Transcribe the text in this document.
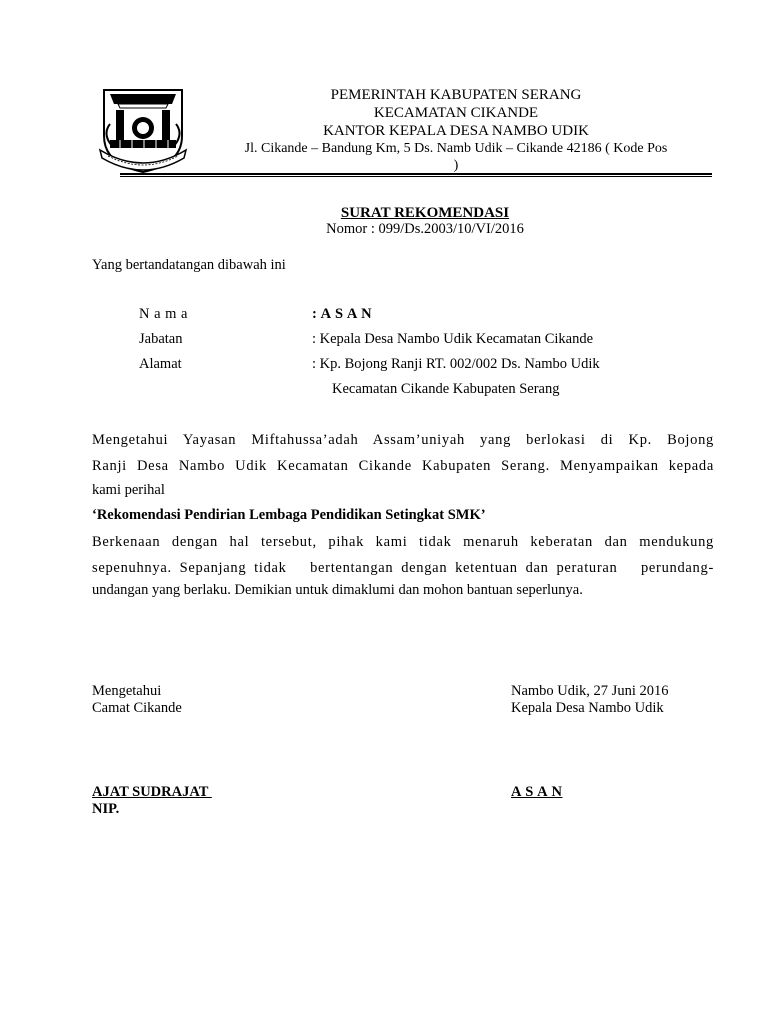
PEMERINTAH KABUPATEN SERANG
KECAMATAN CIKANDE
KANTOR KEPALA DESA NAMBO UDIK
Jl. Cikande – Bandung Km, 5 Ds. Namb Udik – Cikande 42186 ( Kode Pos
)
SURAT REKOMENDASI
Nomor : 099/Ds.2003/10/VI/2016
Yang bertandatangan dibawah ini
N a m a	: A S A N
Jabatan	: Kepala Desa Nambo Udik Kecamatan Cikande
Alamat	: Kp. Bojong Ranji RT. 002/002 Ds. Nambo Udik
Kecamatan Cikande Kabupaten Serang
Mengetahui Yayasan Miftahussa’adah Assam’uniyah yang berlokasi di Kp. Bojong
Ranji Desa Nambo Udik Kecamatan Cikande Kabupaten Serang. Menyampaikan kepada
kami perihal
‘Rekomendasi Pendirian Lembaga Pendidikan Setingkat SMK’
Berkenaan dengan hal tersebut, pihak kami tidak menaruh keberatan dan mendukung
sepenuhnya. Sepanjang tidak   bertentangan dengan ketentuan dan peraturan   perundang-
undangan yang berlaku. Demikian untuk dimaklumi dan mohon bantuan seperlunya.
Mengetahui
Camat Cikande
Nambo Udik, 27 Juni 2016
Kepala Desa Nambo Udik
AJAT SUDRAJAT
NIP.
A S A N
